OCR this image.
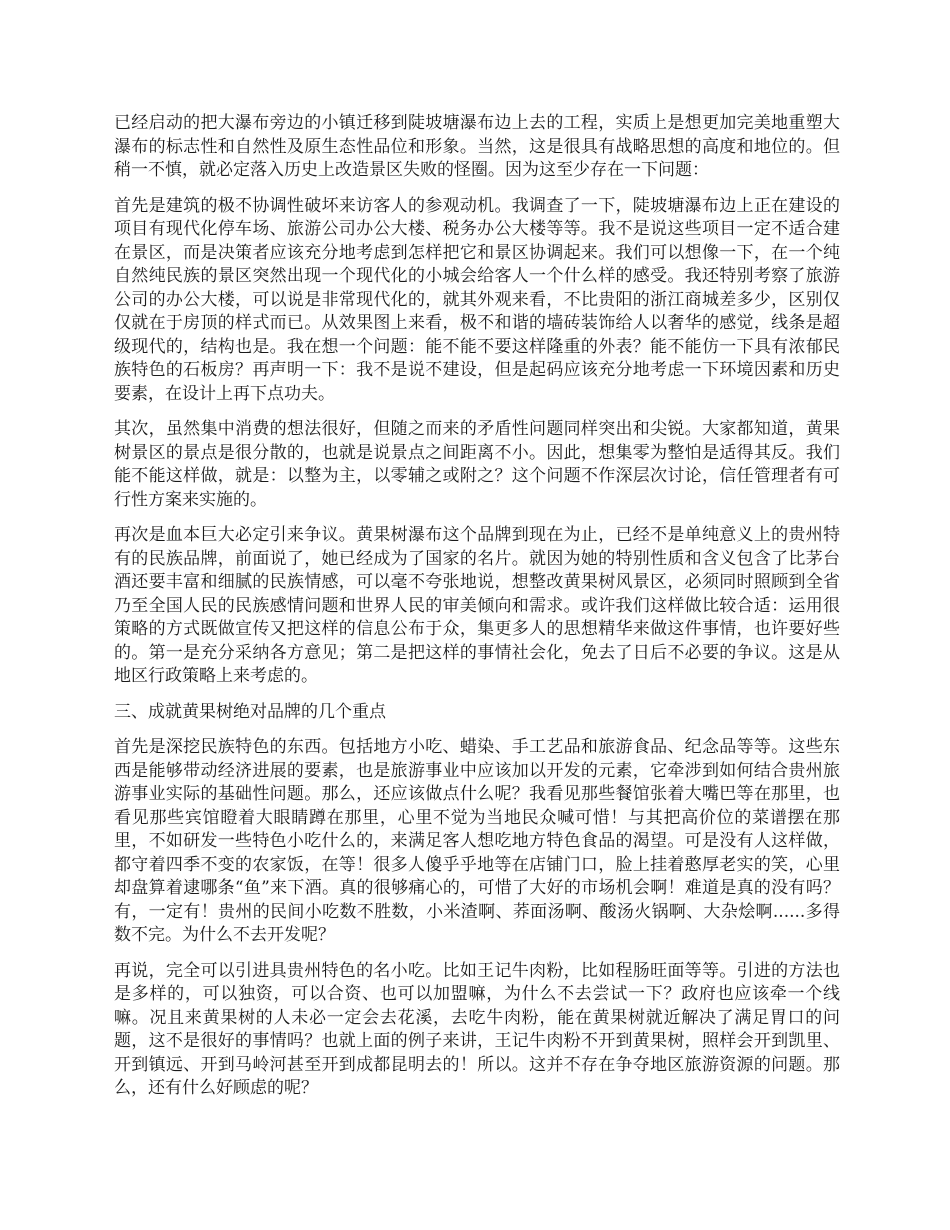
已经启动的把大瀑布旁边的小镇迁移到陡坡塘瀑布边上去的工程，实质上是想更加完美地重塑大瀑布的标志性和自然性及原生态性品位和形象。当然，这是很具有战略思想的高度和地位的。但稍一不慎，就必定落入历史上改造景区失败的怪圈。因为这至少存在一下问题：

首先是建筑的极不协调性破坏来访客人的参观动机。我调查了一下，陡坡塘瀑布边上正在建设的项目有现代化停车场、旅游公司办公大楼、税务办公大楼等等。我不是说这些项目一定不适合建在景区，而是决策者应该充分地考虑到怎样把它和景区协调起来。我们可以想像一下，在一个纯自然纯民族的景区突然出现一个现代化的小城会给客人一个什么样的感受。我还特别考察了旅游公司的办公大楼，可以说是非常现代化的，就其外观来看，不比贵阳的浙江商城差多少，区别仅仅就在于房顶的样式而已。从效果图上来看，极不和谐的墙砖装饰给人以奢华的感觉，线条是超级现代的，结构也是。我在想一个问题：能不能不要这样隆重的外表？能不能仿一下具有浓郁民族特色的石板房？再声明一下：我不是说不建设，但是起码应该充分地考虑一下环境因素和历史要素，在设计上再下点功夫。

其次，虽然集中消费的想法很好，但随之而来的矛盾性问题同样突出和尖锐。大家都知道，黄果树景区的景点是很分散的，也就是说景点之间距离不小。因此，想集零为整怕是适得其反。我们能不能这样做，就是：以整为主，以零辅之或附之？这个问题不作深层次讨论，信任管理者有可行性方案来实施的。

再次是血本巨大必定引来争议。黄果树瀑布这个品牌到现在为止，已经不是单纯意义上的贵州特有的民族品牌，前面说了，她已经成为了国家的名片。就因为她的特别性质和含义包含了比茅台酒还要丰富和细腻的民族情感，可以毫不夸张地说，想整改黄果树风景区，必须同时照顾到全省乃至全国人民的民族感情问题和世界人民的审美倾向和需求。或许我们这样做比较合适：运用很策略的方式既做宣传又把这样的信息公布于众，集更多人的思想精华来做这件事情，也许要好些的。第一是充分采纳各方意见；第二是把这样的事情社会化，免去了日后不必要的争议。这是从地区行政策略上来考虑的。

三、成就黄果树绝对品牌的几个重点

首先是深挖民族特色的东西。包括地方小吃、蜡染、手工艺品和旅游食品、纪念品等等。这些东西是能够带动经济进展的要素，也是旅游事业中应该加以开发的元素，它牵涉到如何结合贵州旅游事业实际的基础性问题。那么，还应该做点什么呢？我看见那些餐馆张着大嘴巴等在那里，也看见那些宾馆瞪着大眼睛蹲在那里，心里不觉为当地民众喊可惜！与其把高价位的菜谱摆在那里，不如研发一些特色小吃什么的，来满足客人想吃地方特色食品的渴望。可是没有人这样做，都守着四季不变的农家饭，在等！很多人傻乎乎地等在店铺门口，脸上挂着憨厚老实的笑，心里却盘算着逮哪条“鱼”来下酒。真的很够痛心的，可惜了大好的市场机会啊！难道是真的没有吗？有，一定有！贵州的民间小吃数不胜数，小米渣啊、荞面汤啊、酸汤火锅啊、大杂烩啊......多得数不完。为什么不去开发呢？

再说，完全可以引进具贵州特色的名小吃。比如王记牛肉粉，比如程肠旺面等等。引进的方法也是多样的，可以独资，可以合资、也可以加盟嘛，为什么不去尝试一下？政府也应该牵一个线嘛。况且来黄果树的人未必一定会去花溪，去吃牛肉粉，能在黄果树就近解决了满足胃口的问题，这不是很好的事情吗？也就上面的例子来讲，王记牛肉粉不开到黄果树，照样会开到凯里、开到镇远、开到马岭河甚至开到成都昆明去的！所以。这并不存在争夺地区旅游资源的问题。那么，还有什么好顾虑的呢？
